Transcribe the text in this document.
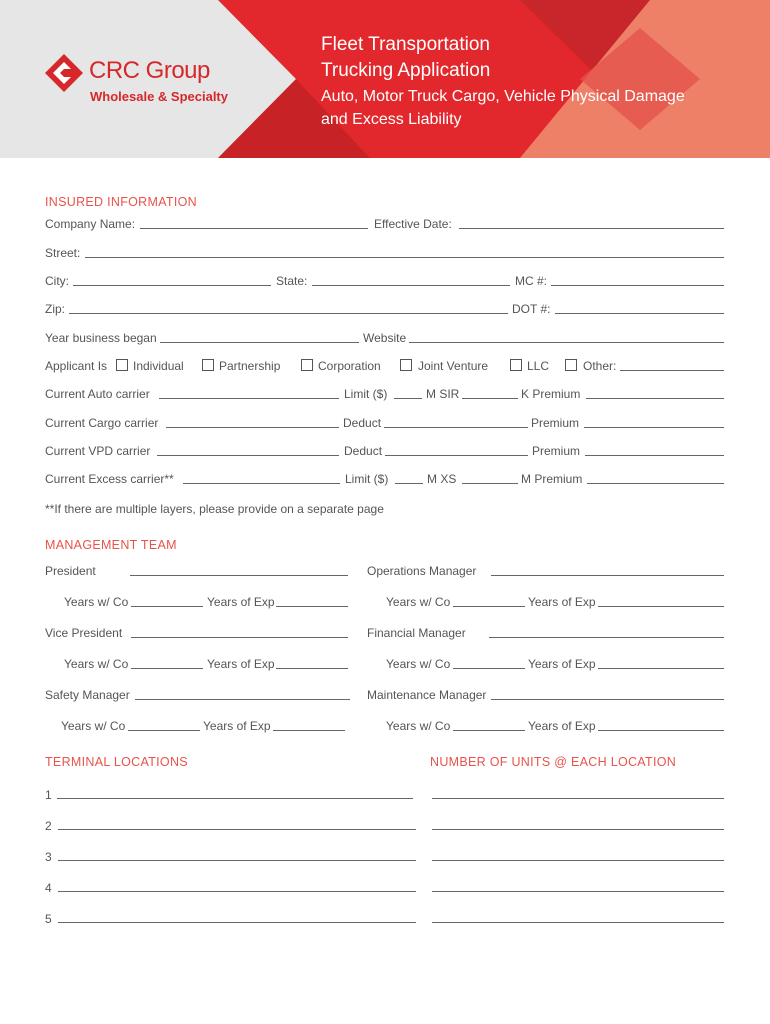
CRC Group
Wholesale & Specialty
Fleet Transportation
Trucking Application
Auto, Motor Truck Cargo, Vehicle Physical Damage
and Excess Liability
INSURED INFORMATION
Company Name:	Effective Date:
Street:
City:	State:	MC #:
Zip:	DOT #:
Year business began	Website
Applicant Is Individual	Partnership	Corporation	Joint Venture	LLC	Other:
Current Auto carrier	Limit ($)	M SIR	K Premium
Current Cargo carrier	Deduct	Premium
Current VPD carrier	Deduct	Premium
Current Excess carrier**	Limit ($)	M XS	M Premium
**If there are multiple layers, please provide on a separate page
MANAGEMENT TEAM
President	Operations Manager
Years w/ Co	Years of Exp	Years w/ Co	Years of Exp
Vice President	Financial Manager
Years w/ Co	Years of Exp	Years w/ Co	Years of Exp
Safety Manager	Maintenance Manager
Years w/ Co	Years of Exp	Years w/ Co	Years of Exp
TERMINAL LOCATIONS	NUMBER OF UNITS @ EACH LOCATION
1
2
3
4
5
